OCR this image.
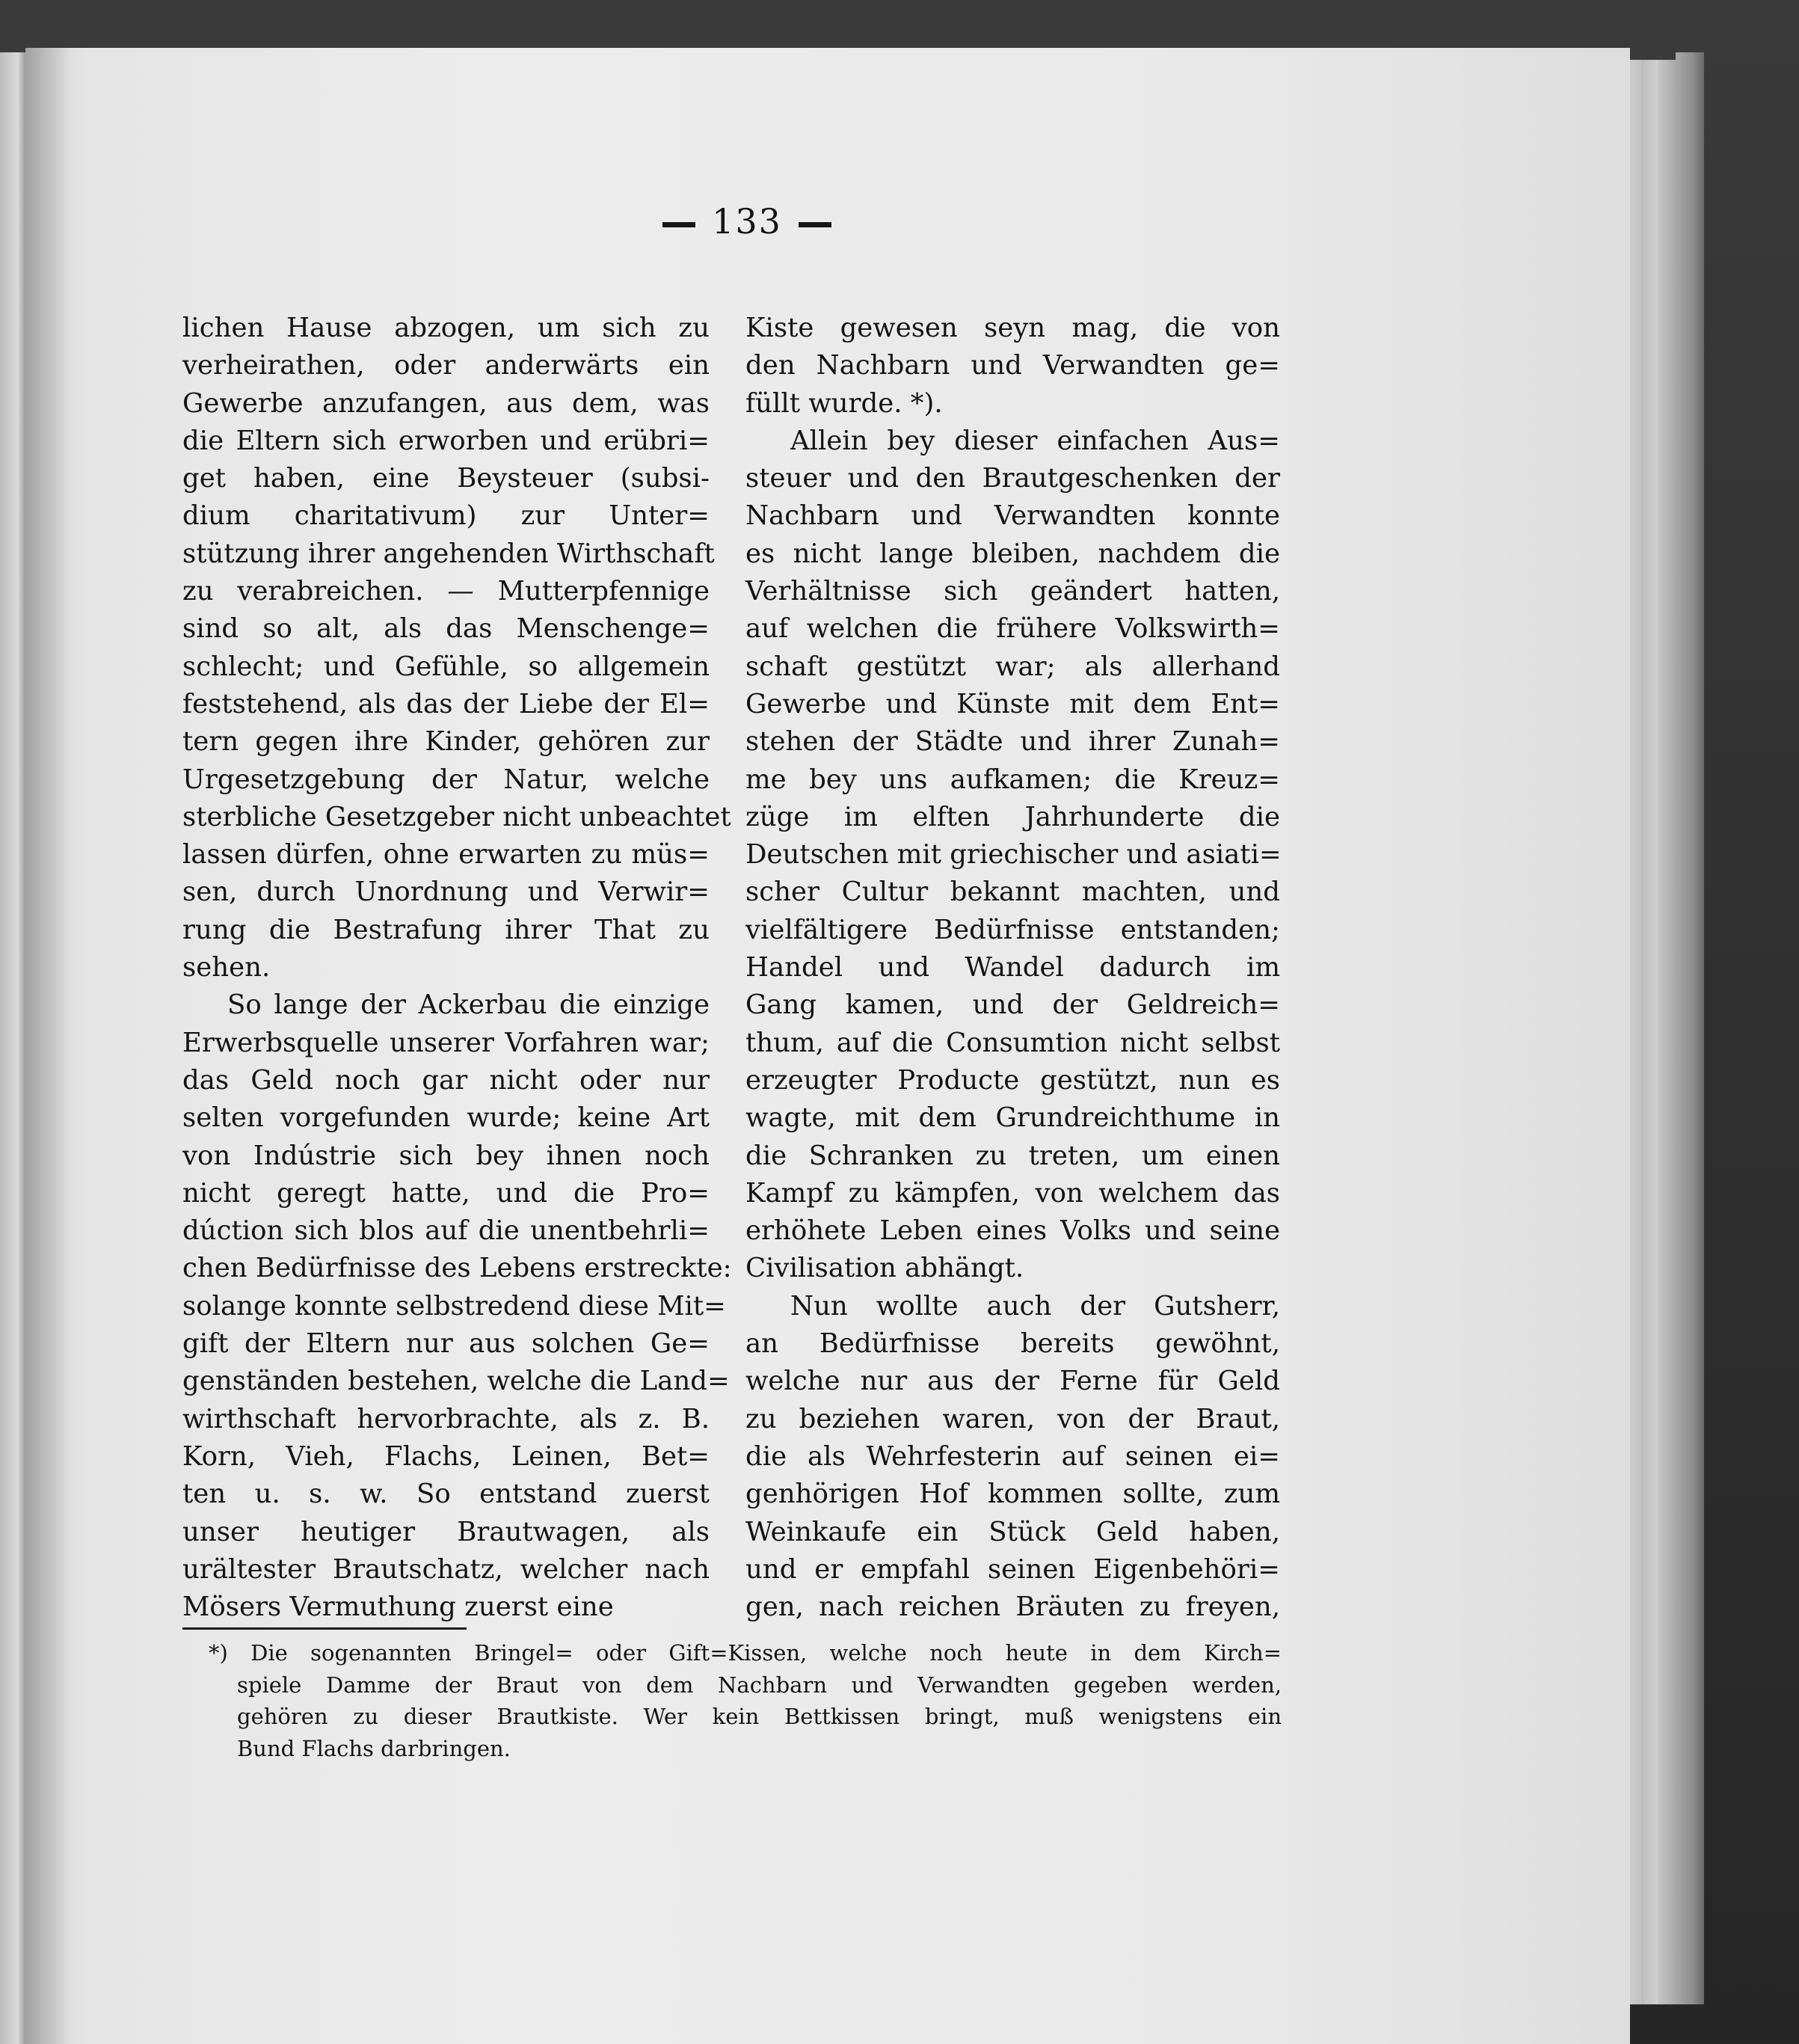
133
lichen Hause abzogen, um sich zu
verheirathen, oder anderwärts ein
Gewerbe anzufangen, aus dem, was
die Eltern sich erworben und erübri=
get haben, eine Beysteuer (subsi-
dium charitativum) zur Unter=
stützung ihrer angehenden Wirthschaft
zu verabreichen. — Mutterpfennige
sind so alt, als das Menschenge=
schlecht; und Gefühle, so allgemein
feststehend, als das der Liebe der El=
tern gegen ihre Kinder, gehören zur
Urgesetzgebung der Natur, welche
sterbliche Gesetzgeber nicht unbeachtet
lassen dürfen, ohne erwarten zu müs=
sen, durch Unordnung und Verwir=
rung die Bestrafung ihrer That zu
sehen.
So lange der Ackerbau die einzige
Erwerbsquelle unserer Vorfahren war;
das Geld noch gar nicht oder nur
selten vorgefunden wurde; keine Art
von Indústrie sich bey ihnen noch
nicht geregt hatte, und die Pro=
dúction sich blos auf die unentbehrli=
chen Bedürfnisse des Lebens erstreckte:
solange konnte selbstredend diese Mit=
gift der Eltern nur aus solchen Ge=
genständen bestehen, welche die Land=
wirthschaft hervorbrachte, als z. B.
Korn, Vieh, Flachs, Leinen, Bet=
ten u. s. w. So entstand zuerst
unser heutiger Brautwagen, als
urältester Brautschatz, welcher nach
Mösers Vermuthung zuerst eine
Kiste gewesen seyn mag, die von
den Nachbarn und Verwandten ge=
füllt wurde. *).
Allein bey dieser einfachen Aus=
steuer und den Brautgeschenken der
Nachbarn und Verwandten konnte
es nicht lange bleiben, nachdem die
Verhältnisse sich geändert hatten,
auf welchen die frühere Volkswirth=
schaft gestützt war; als allerhand
Gewerbe und Künste mit dem Ent=
stehen der Städte und ihrer Zunah=
me bey uns aufkamen; die Kreuz=
züge im elften Jahrhunderte die
Deutschen mit griechischer und asiati=
scher Cultur bekannt machten, und
vielfältigere Bedürfnisse entstanden;
Handel und Wandel dadurch im
Gang kamen, und der Geldreich=
thum, auf die Consumtion nicht selbst
erzeugter Producte gestützt, nun es
wagte, mit dem Grundreichthume in
die Schranken zu treten, um einen
Kampf zu kämpfen, von welchem das
erhöhete Leben eines Volks und seine
Civilisation abhängt.
Nun wollte auch der Gutsherr,
an Bedürfnisse bereits gewöhnt,
welche nur aus der Ferne für Geld
zu beziehen waren, von der Braut,
die als Wehrfesterin auf seinen ei=
genhörigen Hof kommen sollte, zum
Weinkaufe ein Stück Geld haben,
und er empfahl seinen Eigenbehöri=
gen, nach reichen Bräuten zu freyen,
*) Die sogenannten Bringel= oder Gift=Kissen, welche noch heute in dem Kirch=
spiele Damme der Braut von dem Nachbarn und Verwandten gegeben werden,
gehören zu dieser Brautkiste. Wer kein Bettkissen bringt, muß wenigstens ein
Bund Flachs darbringen.
